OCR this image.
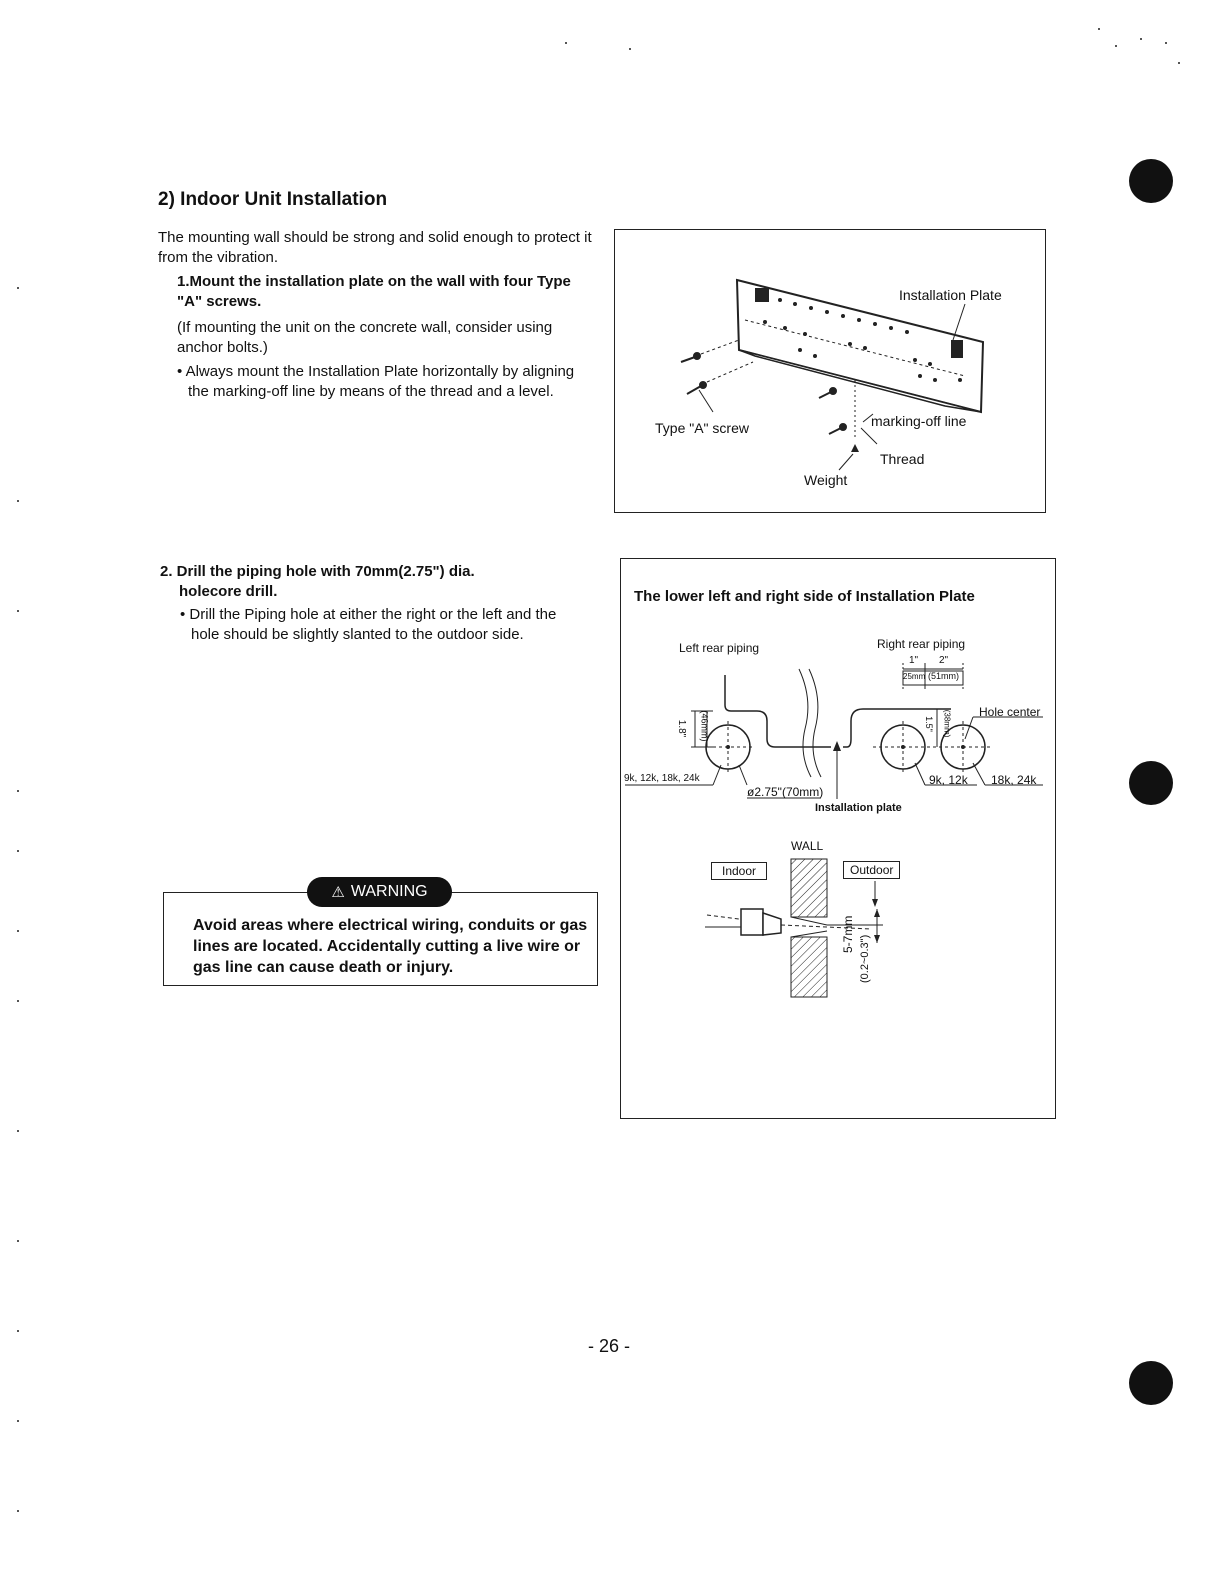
2) Indoor Unit Installation
The mounting wall should be strong and solid enough to protect it from the vibration.
1.Mount the installation plate on the wall with four Type "A" screws.
(If mounting the unit on the concrete wall, consider using anchor bolts.)
• Always mount the Installation Plate horizontally by aligning the marking-off line by means of the thread and a level.
Installation Plate
Type "A" screw	marking-off line
Thread
Weight
2. Drill the piping hole with 70mm(2.75") dia. holecore drill.
• Drill the Piping hole at either the right or the left and the hole should be slightly slanted to the outdoor side.
⚠ WARNING
Avoid areas where electrical wiring, conduits or gas lines are located. Accidentally cutting a live wire or gas line can cause death or injury.
The lower left and right side of Installation Plate
Left rear piping	Right rear piping
1" 2"
25mm (51mm)
Hole center
1.8" (46mm)	1.5" (38mm)
9k, 12k, 18k, 24k
ø2.75"(70mm)
9k, 12k 18k, 24k
Installation plate
WALL
Indoor	Outdoor
5-7mm
(0.2~0.3")
- 26 -
